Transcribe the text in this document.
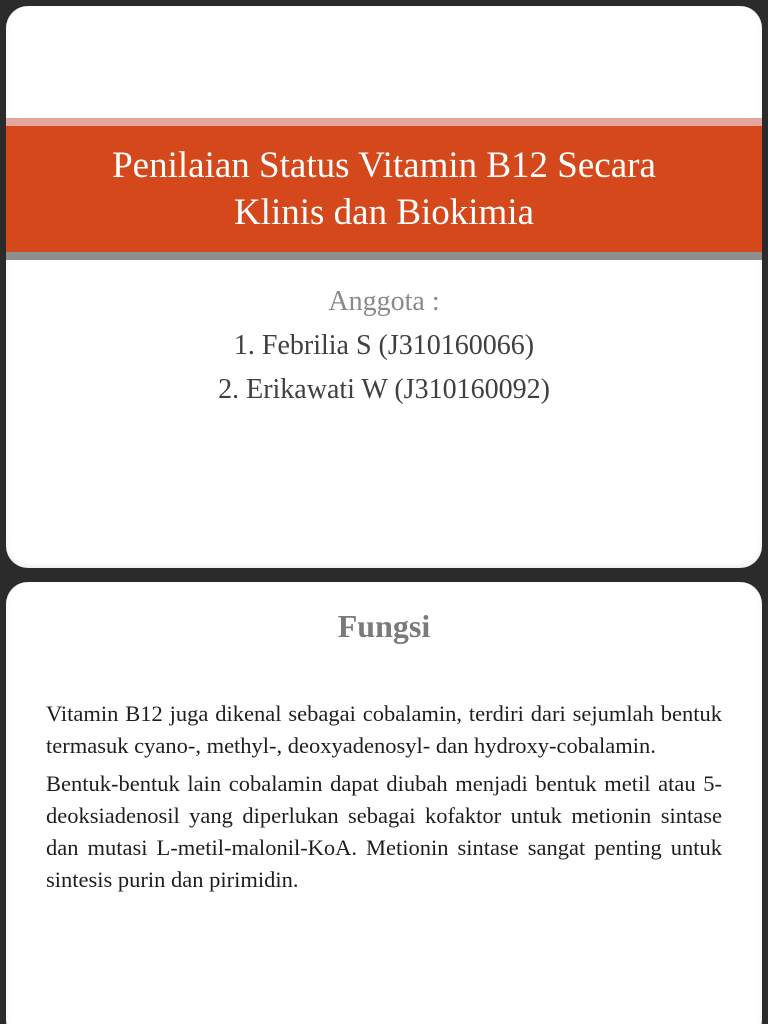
Penilaian Status Vitamin B12 Secara
Klinis dan Biokimia
Anggota :
1. Febrilia S (J310160066)
2. Erikawati W (J310160092)
Fungsi

Vitamin B12 juga dikenal sebagai cobalamin, terdiri dari sejumlah bentuk termasuk cyano-, methyl-, deoxyadenosyl- dan hydroxy-cobalamin.

Bentuk-bentuk lain cobalamin dapat diubah menjadi bentuk metil atau 5-deoksiadenosil yang diperlukan sebagai kofaktor untuk metionin sintase dan mutasi L-metil-malonil-KoA. Metionin sintase sangat penting untuk sintesis purin dan pirimidin.
